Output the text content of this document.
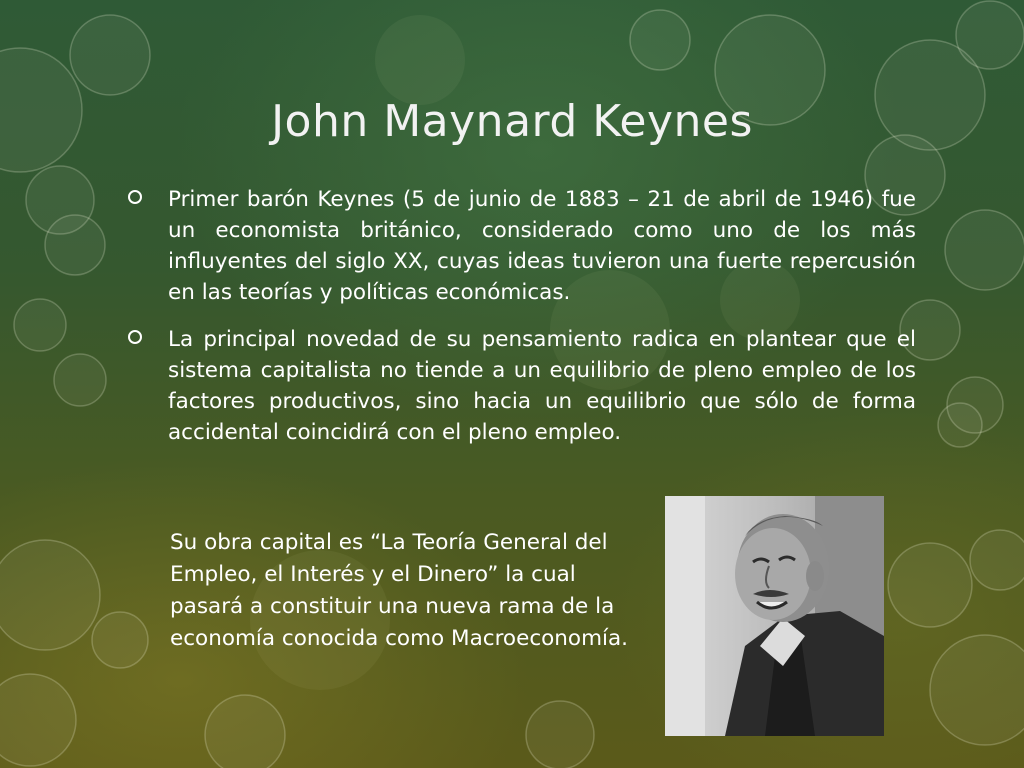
John Maynard Keynes
Primer barón Keynes (5 de junio de 1883 – 21 de abril de 1946) fue un economista británico, considerado como uno de los más influyentes del siglo XX, cuyas ideas tuvieron una fuerte repercusión en las teorías y políticas económicas.
La principal novedad de su pensamiento radica en plantear que el sistema capitalista no tiende a un equilibrio de pleno empleo de los factores productivos, sino hacia un equilibrio que sólo de forma accidental coincidirá con el pleno empleo.
Su obra capital es “La Teoría General del Empleo, el Interés y el Dinero” la cual pasará a constituir una nueva rama de la economía conocida como Macroeconomía.
